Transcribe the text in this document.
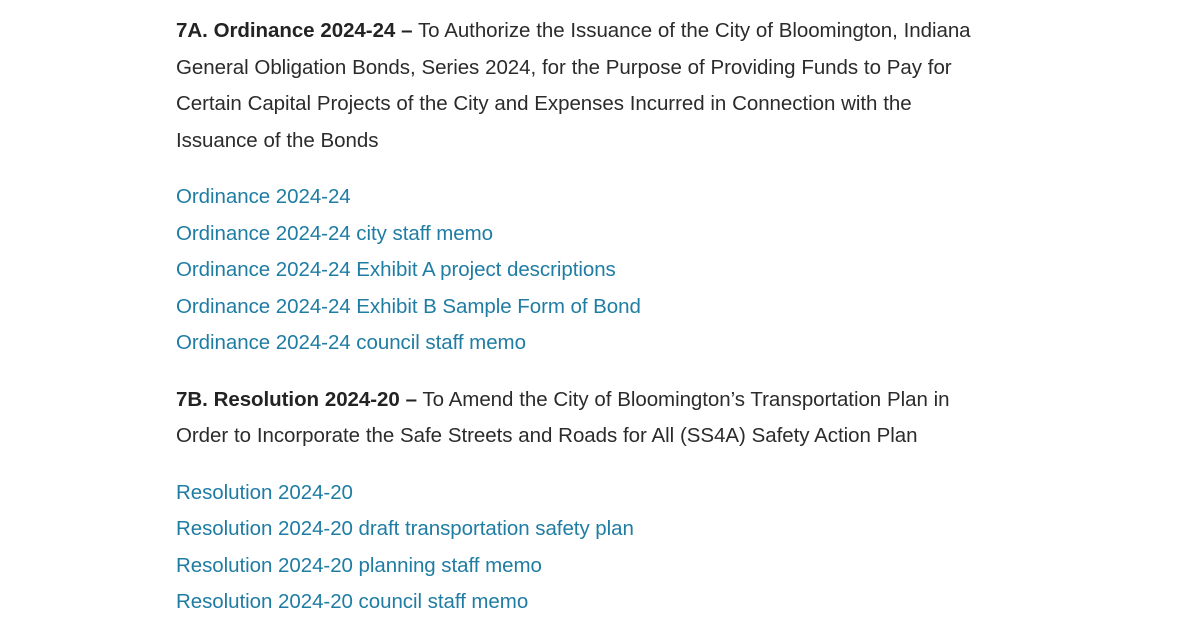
7A. Ordinance 2024-24 – To Authorize the Issuance of the City of Bloomington, Indiana General Obligation Bonds, Series 2024, for the Purpose of Providing Funds to Pay for Certain Capital Projects of the City and Expenses Incurred in Connection with the Issuance of the Bonds

Ordinance 2024-24
Ordinance 2024-24 city staff memo
Ordinance 2024-24 Exhibit A project descriptions
Ordinance 2024-24 Exhibit B Sample Form of Bond
Ordinance 2024-24 council staff memo

7B. Resolution 2024-20 – To Amend the City of Bloomington’s Transportation Plan in Order to Incorporate the Safe Streets and Roads for All (SS4A) Safety Action Plan

Resolution 2024-20
Resolution 2024-20 draft transportation safety plan
Resolution 2024-20 planning staff memo
Resolution 2024-20 council staff memo
